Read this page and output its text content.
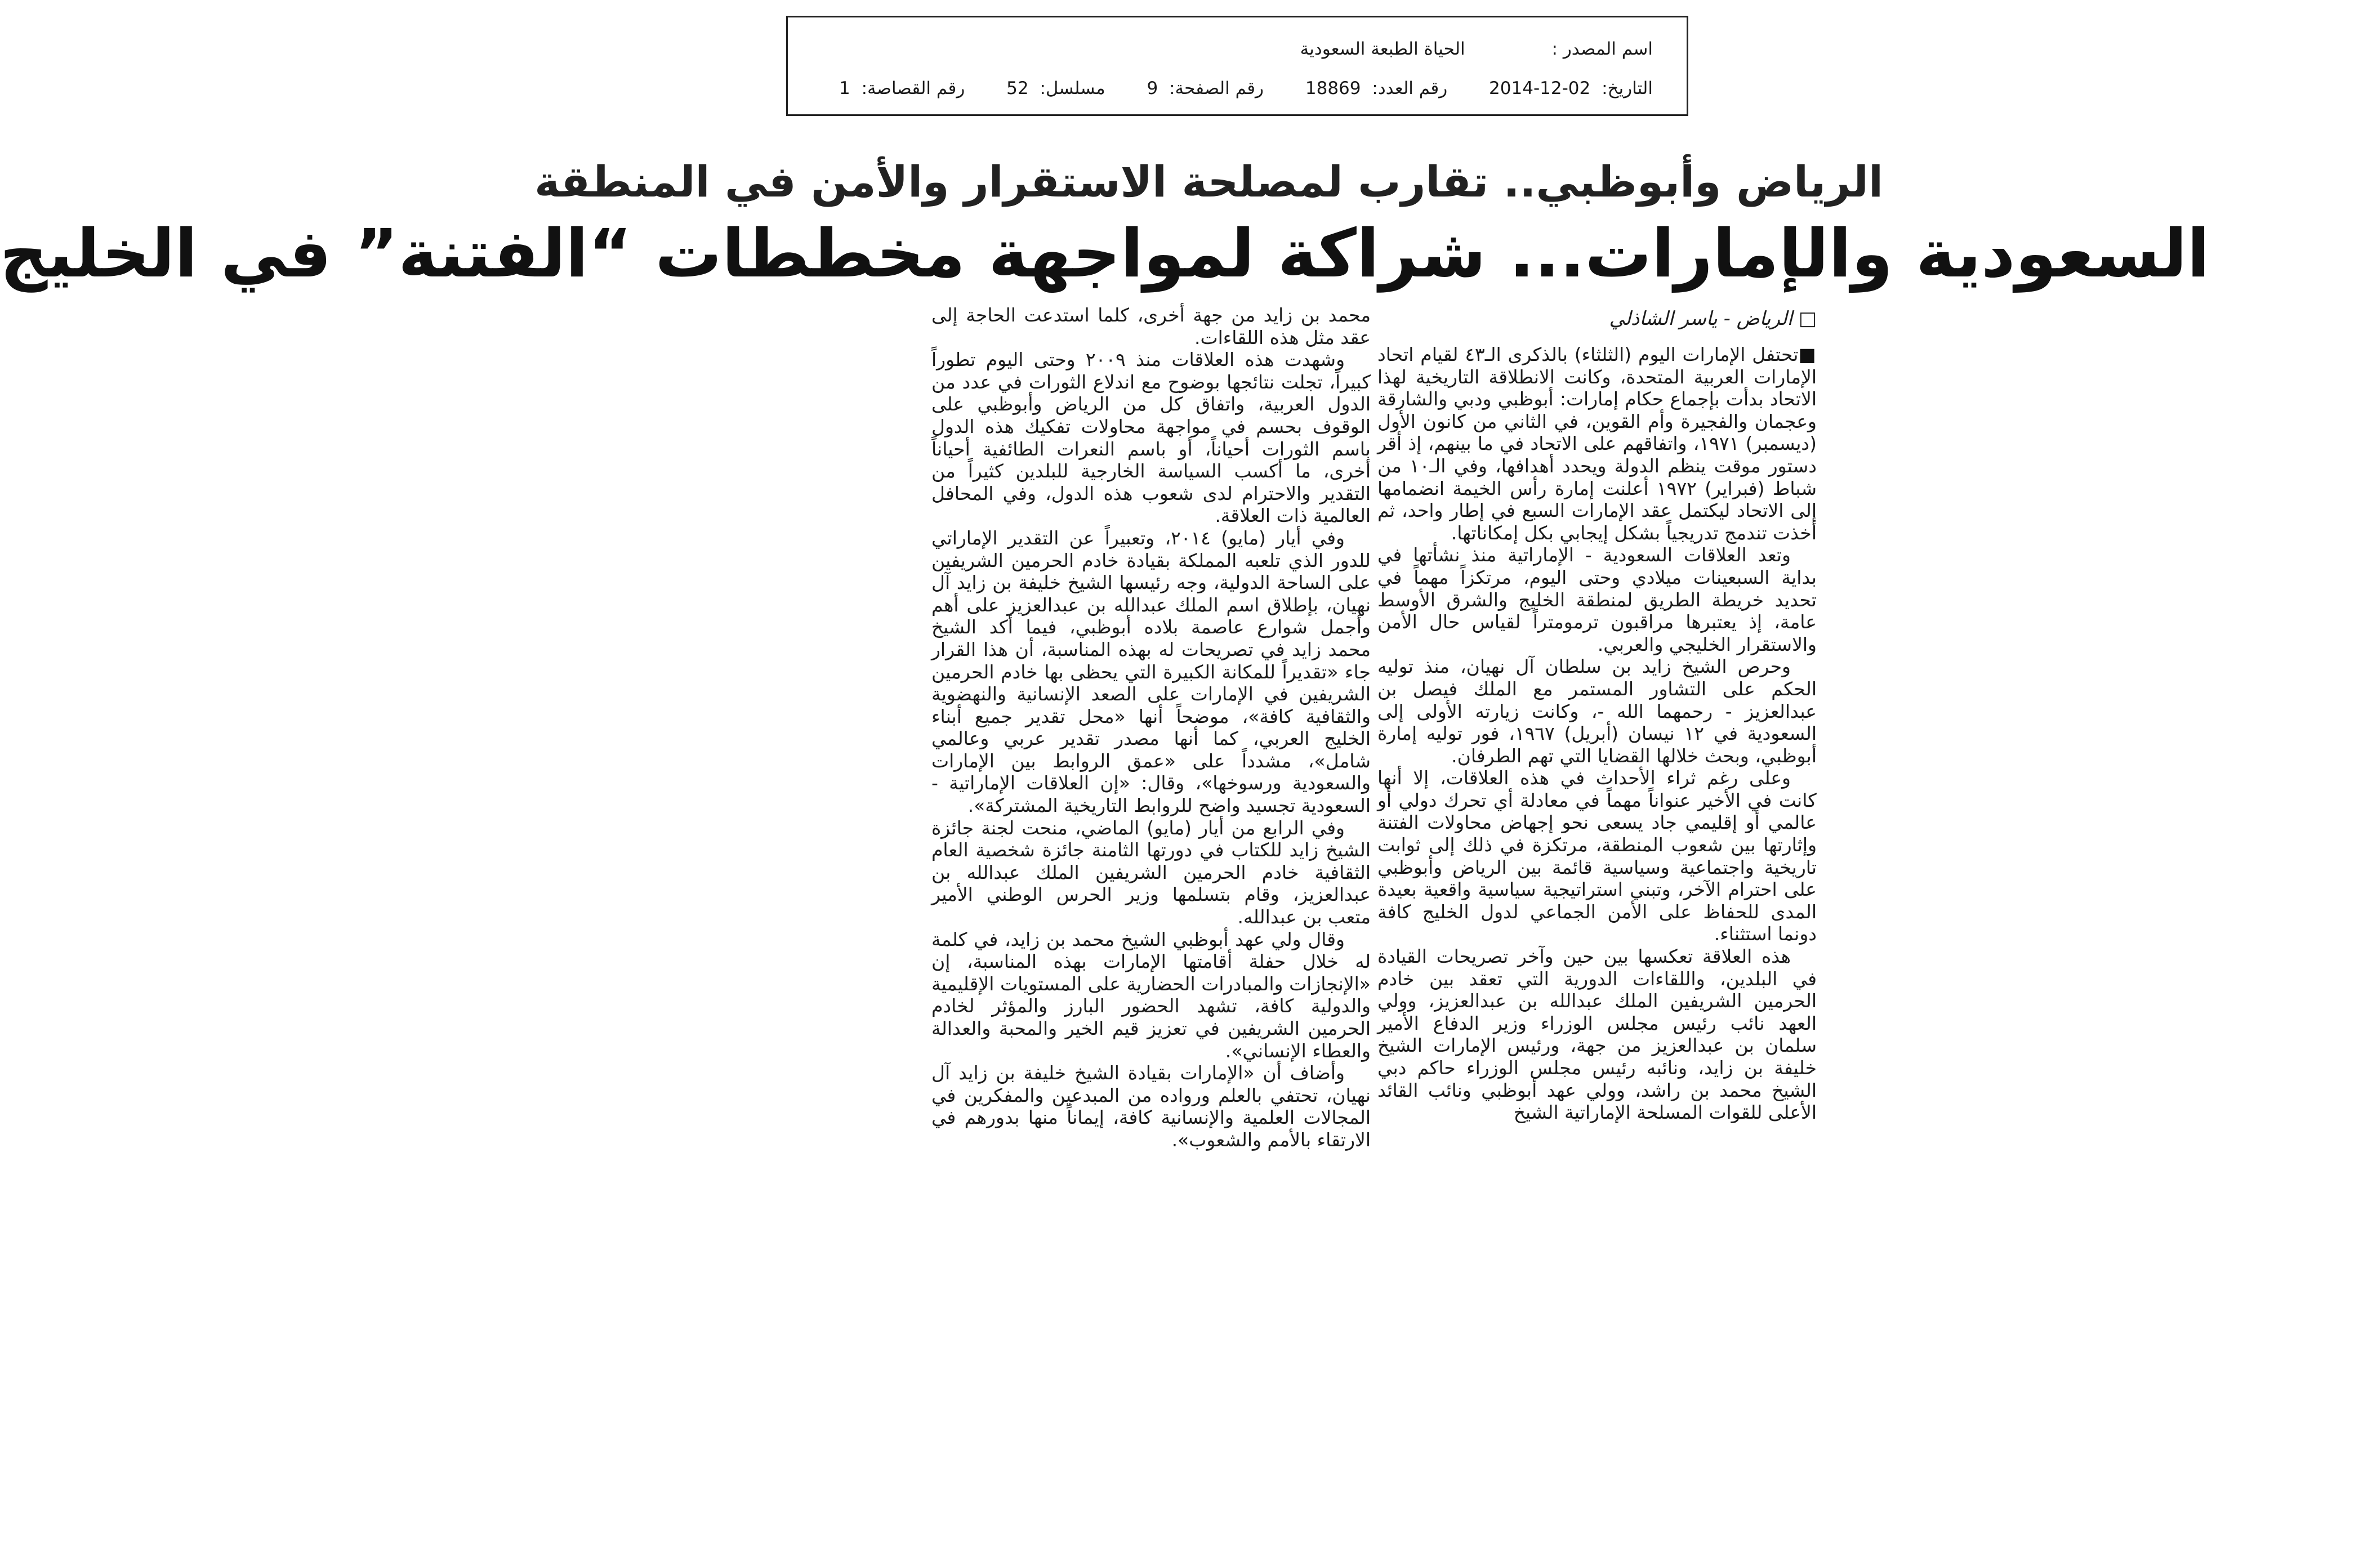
اسم المصدر : الحياة الطبعة السعودية
التاريخ: 2014-12-02 رقم العدد: 18869 رقم الصفحة: 9 مسلسل: 52 رقم القصاصة: 1
الرياض وأبوظبي.. تقارب لمصلحة الاستقرار والأمن في المنطقة
السعودية والإمارات... شراكة لمواجهة مخططات “الفتنة” في الخليج
□ الرياض - ياسر الشاذلي

■تحتفل الإمارات اليوم (الثلثاء) بالذكرى الـ٤٣ لقيام اتحاد الإمارات العربية المتحدة، وكانت الانطلاقة التاريخية لهذا الاتحاد بدأت بإجماع حكام إمارات: أبوظبي ودبي والشارقة وعجمان والفجيرة وأم القوين، في الثاني من كانون الأول (ديسمبر) ١٩٧١، واتفاقهم على الاتحاد في ما بينهم، إذ أقر دستور موقت ينظم الدولة ويحدد أهدافها، وفي الـ١٠ من شباط (فبراير) ١٩٧٢ أعلنت إمارة رأس الخيمة انضمامها إلى الاتحاد ليكتمل عقد الإمارات السبع في إطار واحد، ثم أخذت تندمج تدريجياً بشكل إيجابي بكل إمكاناتها.

وتعد العلاقات السعودية - الإماراتية منذ نشأتها في بداية السبعينات ميلادي وحتى اليوم، مرتكزاً مهماً في تحديد خريطة الطريق لمنطقة الخليج والشرق الأوسط عامة، إذ يعتبرها مراقبون ترمومتراً لقياس حال الأمن والاستقرار الخليجي والعربي.

وحرص الشيخ زايد بن سلطان آل نهيان، منذ توليه الحكم على التشاور المستمر مع الملك فيصل بن عبدالعزيز - رحمهما الله -، وكانت زيارته الأولى إلى السعودية في ١٢ نيسان (أبريل) ١٩٦٧، فور توليه إمارة أبوظبي، وبحث خلالها القضايا التي تهم الطرفان.

وعلى رغم ثراء الأحداث في هذه العلاقات، إلا أنها كانت في الأخير عنواناً مهماً في معادلة أي تحرك دولي أو عالمي أو إقليمي جاد يسعى نحو إجهاض محاولات الفتنة وإثارتها بين شعوب المنطقة، مرتكزة في ذلك إلى ثوابت تاريخية واجتماعية وسياسية قائمة بين الرياض وأبوظبي على احترام الآخر، وتبني استراتيجية سياسية واقعية بعيدة المدى للحفاظ على الأمن الجماعي لدول الخليج كافة دونما استثناء.

هذه العلاقة تعكسها بين حين وآخر تصريحات القيادة في البلدين، واللقاءات الدورية التي تعقد بين خادم الحرمين الشريفين الملك عبدالله بن عبدالعزيز، وولي العهد نائب رئيس مجلس الوزراء وزير الدفاع الأمير سلمان بن عبدالعزيز من جهة، ورئيس الإمارات الشيخ خليفة بن زايد، ونائبه رئيس مجلس الوزراء حاكم دبي الشيخ محمد بن راشد، وولي عهد أبوظبي ونائب القائد الأعلى للقوات المسلحة الإماراتية الشيخ

محمد بن زايد من جهة أخرى، كلما استدعت الحاجة إلى عقد مثل هذه اللقاءات.

وشهدت هذه العلاقات منذ ٢٠٠٩ وحتى اليوم تطوراً كبيراً، تجلت نتائجها بوضوح مع اندلاع الثورات في عدد من الدول العربية، واتفاق كل من الرياض وأبوظبي على الوقوف بحسم في مواجهة محاولات تفكيك هذه الدول باسم الثورات أحياناً، أو باسم النعرات الطائفية أحياناً أخرى، ما أكسب السياسة الخارجية للبلدين كثيراً من التقدير والاحترام لدى شعوب هذه الدول، وفي المحافل العالمية ذات العلاقة.

وفي أيار (مايو) ٢٠١٤، وتعبيراً عن التقدير الإماراتي للدور الذي تلعبه المملكة بقيادة خادم الحرمين الشريفين على الساحة الدولية، وجه رئيسها الشيخ خليفة بن زايد آل نهيان، بإطلاق اسم الملك عبدالله بن عبدالعزيز على أهم وأجمل شوارع عاصمة بلاده أبوظبي، فيما أكد الشيخ محمد زايد في تصريحات له بهذه المناسبة، أن هذا القرار جاء «تقديراً للمكانة الكبيرة التي يحظى بها خادم الحرمين الشريفين في الإمارات على الصعد الإنسانية والنهضوية والثقافية كافة»، موضحاً أنها «محل تقدير جميع أبناء الخليج العربي، كما أنها مصدر تقدير عربي وعالمي شامل»، مشدداً على «عمق الروابط بين الإمارات والسعودية ورسوخها»، وقال: «إن العلاقات الإماراتية - السعودية تجسيد واضح للروابط التاريخية المشتركة».

وفي الرابع من أيار (مايو) الماضي، منحت لجنة جائزة الشيخ زايد للكتاب في دورتها الثامنة جائزة شخصية العام الثقافية خادم الحرمين الشريفين الملك عبدالله بن عبدالعزيز، وقام بتسلمها وزير الحرس الوطني الأمير متعب بن عبدالله.

وقال ولي عهد أبوظبي الشيخ محمد بن زايد، في كلمة له خلال حفلة أقامتها الإمارات بهذه المناسبة، إن «الإنجازات والمبادرات الحضارية على المستويات الإقليمية والدولية كافة، تشهد الحضور البارز والمؤثر لخادم الحرمين الشريفين في تعزيز قيم الخير والمحبة والعدالة والعطاء الإنساني».

وأضاف أن «الإمارات بقيادة الشيخ خليفة بن زايد آل نهيان، تحتفي بالعلم ورواده من المبدعين والمفكرين في المجالات العلمية والإنسانية كافة، إيماناً منها بدورهم في الارتقاء بالأمم والشعوب».
